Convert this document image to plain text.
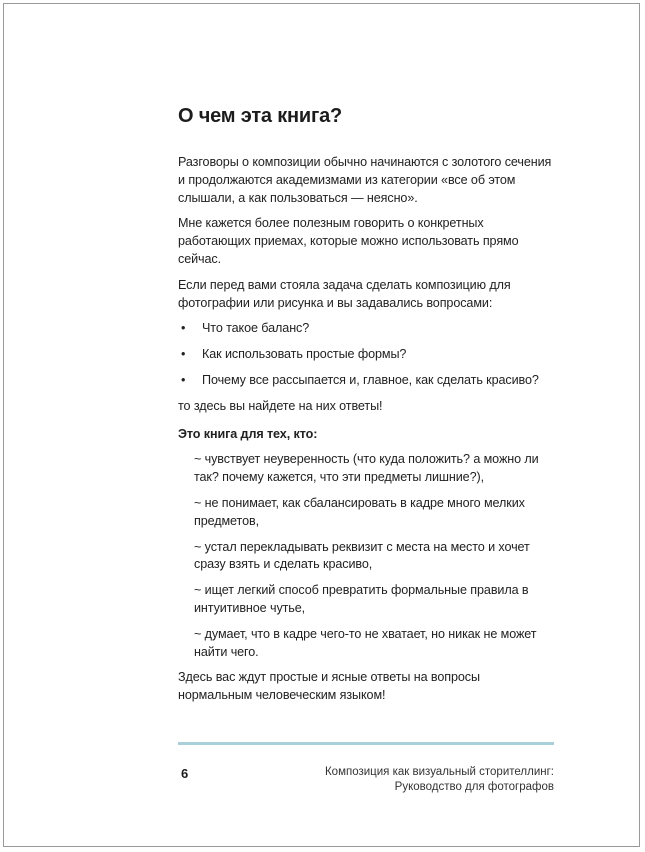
О чем эта книга?

Разговоры о композиции обычно начинаются с золотого сечения и продолжаются академизмами из категории «все об этом слышали, а как пользоваться — неясно».

Мне кажется более полезным говорить о конкретных работающих приемах, которые можно использовать прямо сейчас.

Если перед вами стояла задача сделать композицию для фотографии или рисунка и вы задавались вопросами:

• Что такое баланс?
• Как использовать простые формы?
• Почему все рассыпается и, главное, как сделать красиво?

то здесь вы найдете на них ответы!

Это книга для тех, кто:

~ чувствует неуверенность (что куда положить? а можно ли так? почему кажется, что эти предметы лишние?),
~ не понимает, как сбалансировать в кадре много мелких предметов,
~ устал перекладывать реквизит с места на место и хочет сразу взять и сделать красиво,
~ ищет легкий способ превратить формальные правила в интуитивное чутье,
~ думает, что в кадре чего-то не хватает, но никак не может найти чего.

Здесь вас ждут простые и ясные ответы на вопросы нормальным человеческим языком!

6	Композиция как визуальный сторителлинг:
Руководство для фотографов
